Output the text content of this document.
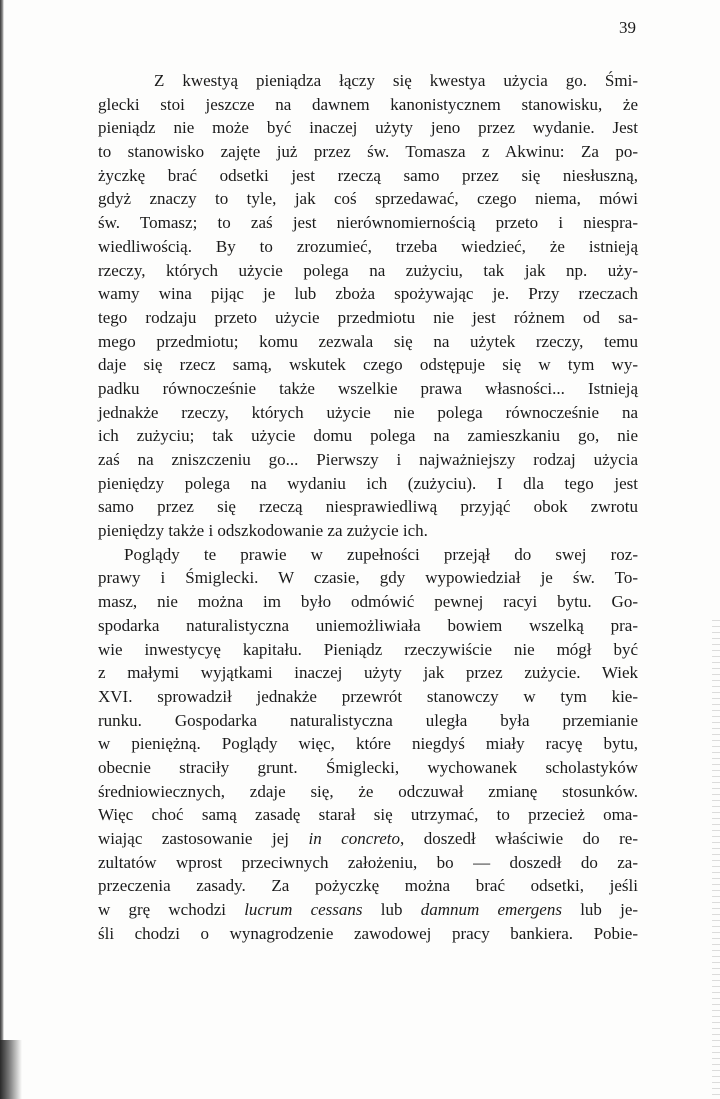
39

Z kwestyą pieniądza łączy się kwestya użycia go. Śmi-

glecki stoi jeszcze na dawnem kanonistycznem stanowisku, że

pieniądz nie może być inaczej użyty jeno przez wydanie. Jest

to stanowisko zajęte już przez św. Tomasza z Akwinu: Za po-

życzkę brać odsetki jest rzeczą samo przez się niesłuszną,

gdyż znaczy to tyle, jak coś sprzedawać, czego niema, mówi

św. Tomasz; to zaś jest nierównomiernością przeto i niespra-

wiedliwością. By to zrozumieć, trzeba wiedzieć, że istnieją

rzeczy, których użycie polega na zużyciu, tak jak np. uży-

wamy wina pijąc je lub zboża spożywając je. Przy rzeczach

tego rodzaju przeto użycie przedmiotu nie jest różnem od sa-

mego przedmiotu; komu zezwala się na użytek rzeczy, temu

daje się rzecz samą, wskutek czego odstępuje się w tym wy-

padku równocześnie także wszelkie prawa własności... Istnieją

jednakże rzeczy, których użycie nie polega równocześnie na

ich zużyciu; tak użycie domu polega na zamieszkaniu go, nie

zaś na zniszczeniu go... Pierwszy i najważniejszy rodzaj użycia

pieniędzy polega na wydaniu ich (zużyciu). I dla tego jest

samo przez się rzeczą niesprawiedliwą przyjąć obok zwrotu

pieniędzy także i odszkodowanie za zużycie ich.

Poglądy te prawie w zupełności przejął do swej roz-

prawy i Śmiglecki. W czasie, gdy wypowiedział je św. To-

masz, nie można im było odmówić pewnej racyi bytu. Go-

spodarka naturalistyczna uniemożliwiała bowiem wszelką pra-

wie inwestycyę kapitału. Pieniądz rzeczywiście nie mógł być

z małymi wyjątkami inaczej użyty jak przez zużycie. Wiek

XVI. sprowadził jednakże przewrót stanowczy w tym kie-

runku. Gospodarka naturalistyczna uległa była przemianie

w pieniężną. Poglądy więc, które niegdyś miały racyę bytu,

obecnie straciły grunt. Śmiglecki, wychowanek scholastyków

średniowiecznych, zdaje się, że odczuwał zmianę stosunków.

Więc choć samą zasadę starał się utrzymać, to przecież oma-

wiając zastosowanie jej in concreto, doszedł właściwie do re-

zultatów wprost przeciwnych założeniu, bo — doszedł do za-

przeczenia zasady. Za pożyczkę można brać odsetki, jeśli

w grę wchodzi lucrum cessans lub damnum emergens lub je-

śli chodzi o wynagrodzenie zawodowej pracy bankiera. Pobie-
